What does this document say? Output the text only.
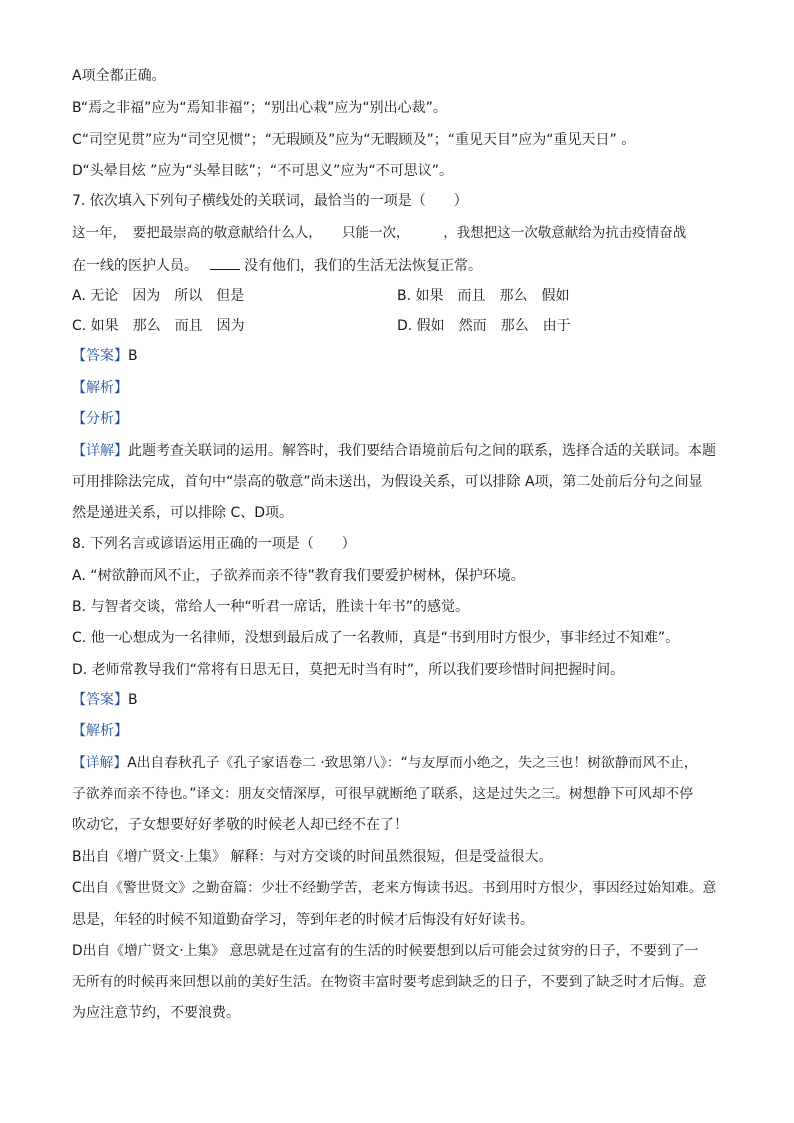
A项全都正确。
B“焉之非福”应为“焉知非福”；“别出心栽”应为“别出心裁”。
C“司空见贯”应为“司空见惯”；“无瑕顾及”应为“无暇顾及”；“重见天目”应为“重见天日” 。
D“头晕目炫 ”应为“头晕目眩”；“不可思义”应为“不可思议”。
7. 依次填入下列句子横线处的关联词，最恰当的一项是（　　）
这一年，　要把最崇高的敬意献给什么人，　　只能一次，　　　，我想把这一次敬意献给为抗击疫情奋战
在一线的医护人员。	没有他们，我们的生活无法恢复正常。
A. 无论　因为　所以　但是	B. 如果　而且　那么　假如
C. 如果　那么　而且　因为	D. 假如　然而　那么　由于
【答案】B
【解析】
【分析】
【详解】此题考查关联词的运用。解答时，我们要结合语境前后句之间的联系，选择合适的关联词。本题
可用排除法完成，首句中“崇高的敬意”尚未送出，为假设关系，可以排除 A项，第二处前后分句之间显
然是递进关系，可以排除 C、D项。
8. 下列名言或谚语运用正确的一项是（　　）
A. “树欲静而风不止，子欲养而亲不待”教育我们要爱护树林，保护环境。
B. 与智者交谈，常给人一种“听君一席话，胜读十年书”的感觉。
C. 他一心想成为一名律师，没想到最后成了一名教师，真是“书到用时方恨少，事非经过不知难”。
D. 老师常教导我们“常将有日思无日，莫把无时当有时”，所以我们要珍惜时间把握时间。
【答案】B
【解析】
【详解】A出自春秋孔子《孔子家语卷二 ·致思第八》：“与友厚而小绝之，失之三也！树欲静而风不止，
子欲养而亲不待也。”译文：朋友交情深厚，可很早就断绝了联系，这是过失之三。树想静下可风却不停
吹动它，子女想要好好孝敬的时候老人却已经不在了！
B出自《增广贤文·上集》 解释：与对方交谈的时间虽然很短，但是受益很大。
C出自《警世贤文》之勤奋篇：少壮不经勤学苦，老来方悔读书迟。书到用时方恨少，事因经过始知难。意
思是，年轻的时候不知道勤奋学习，等到年老的时候才后悔没有好好读书。
D出自《增广贤文·上集》 意思就是在过富有的生活的时候要想到以后可能会过贫穷的日子，不要到了一
无所有的时候再来回想以前的美好生活。在物资丰富时要考虑到缺乏的日子，不要到了缺乏时才后悔。意
为应注意节约，不要浪费。
